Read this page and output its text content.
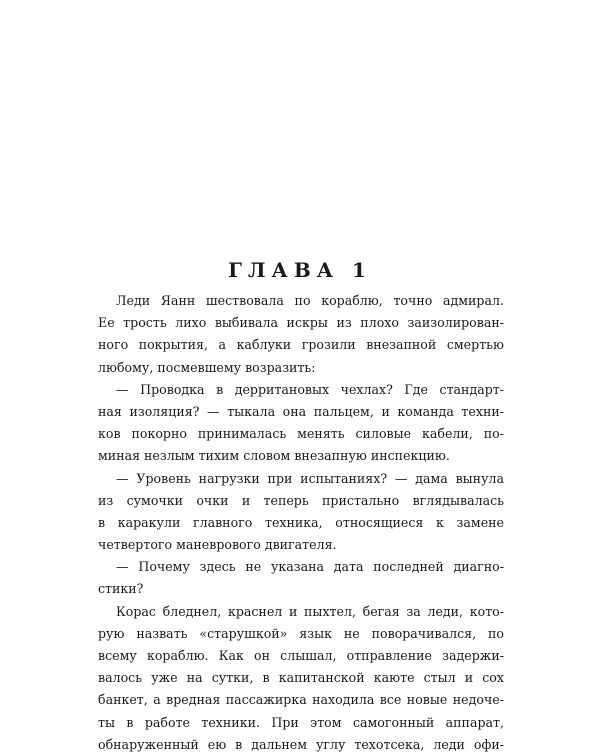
ГЛАВА 1
Леди Яанн шествовала по кораблю, точно адмирал.
Ее трость лихо выбивала искры из плохо заизолирован-
ного покрытия, а каблуки грозили внезапной смертью
любому, посмевшему возразить:
— Проводка в дерритановых чехлах? Где стандарт-
ная изоляция? — тыкала она пальцем, и команда техни-
ков покорно принималась менять силовые кабели, по-
миная незлым тихим словом внезапную инспекцию.
— Уровень нагрузки при испытаниях? — дама вынула
из сумочки очки и теперь пристально вглядывалась
в каракули главного техника, относящиеся к замене
четвертого маневрового двигателя.
— Почему здесь не указана дата последней диагно-
стики?
Корас бледнел, краснел и пыхтел, бегая за леди, кото-
рую назвать «старушкой» язык не поворачивался, по
всему кораблю. Как он слышал, отправление задержи-
валось уже на сутки, в капитанской каюте стыл и сох
банкет, а вредная пассажирка находила все новые недоче-
ты в работе техники. При этом самогонный аппарат,
обнаруженный ею в дальнем углу техотсека, леди офи-
